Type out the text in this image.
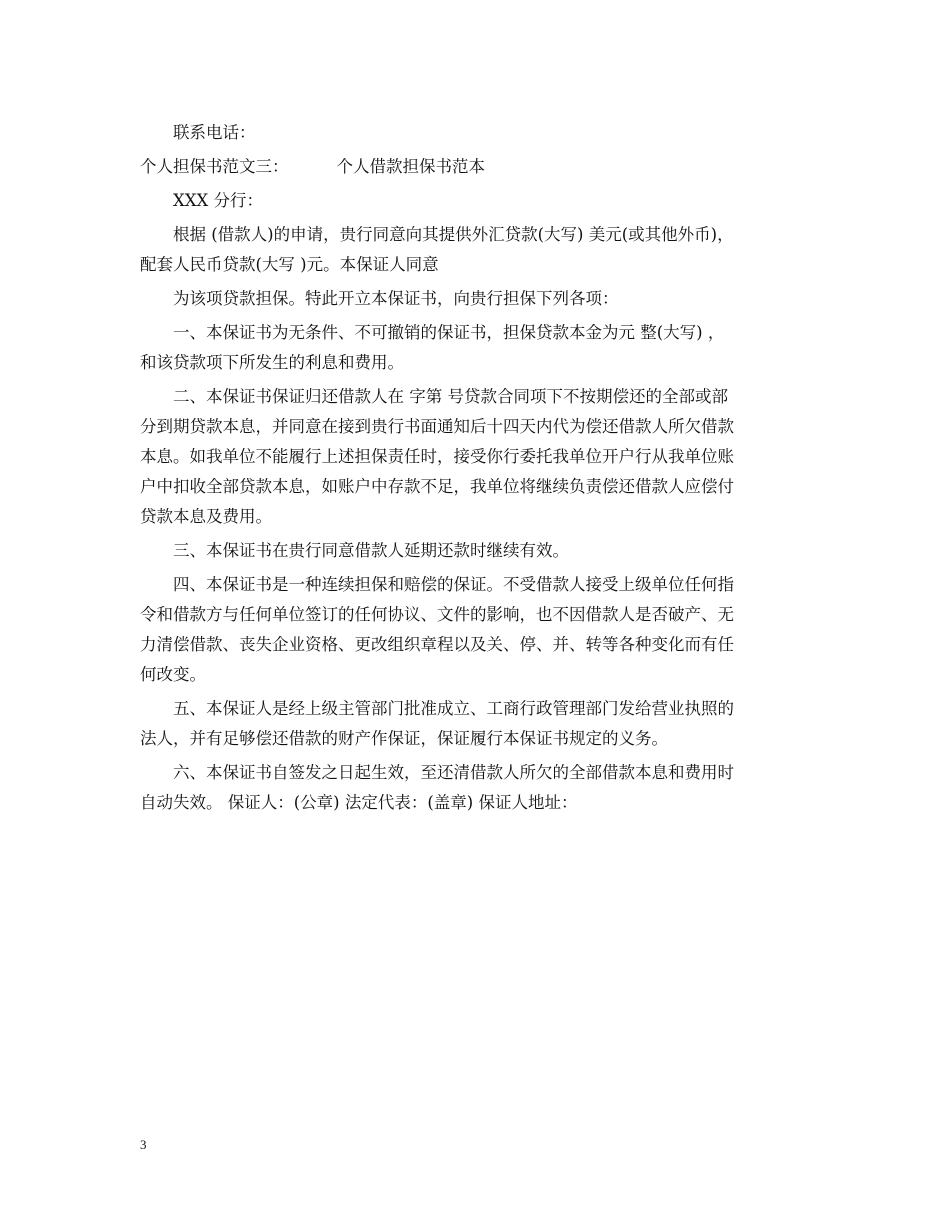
联系电话：
个人担保书范文三：	个人借款担保书范本
XXX 分行：
根据 (借款人)的申请，贵行同意向其提供外汇贷款(大写) 美元(或其他外币)，
配套人民币贷款(大写 )元。本保证人同意
为该项贷款担保。特此开立本保证书，向贵行担保下列各项：
一、本保证书为无条件、不可撤销的保证书，担保贷款本金为元 整(大写) ，
和该贷款项下所发生的利息和费用。
二、本保证书保证归还借款人在 字第 号贷款合同项下不按期偿还的全部或部
分到期贷款本息，并同意在接到贵行书面通知后十四天内代为偿还借款人所欠借款
本息。如我单位不能履行上述担保责任时，接受你行委托我单位开户行从我单位账
户中扣收全部贷款本息，如账户中存款不足，我单位将继续负责偿还借款人应偿付
贷款本息及费用。
三、本保证书在贵行同意借款人延期还款时继续有效。
四、本保证书是一种连续担保和赔偿的保证。不受借款人接受上级单位任何指
令和借款方与任何单位签订的任何协议、文件的影响，也不因借款人是否破产、无
力清偿借款、丧失企业资格、更改组织章程以及关、停、并、转等各种变化而有任
何改变。
五、本保证人是经上级主管部门批准成立、工商行政管理部门发给营业执照的
法人，并有足够偿还借款的财产作保证，保证履行本保证书规定的义务。
六、本保证书自签发之日起生效，至还清借款人所欠的全部借款本息和费用时
自动失效。 保证人：(公章) 法定代表：(盖章) 保证人地址：
3
